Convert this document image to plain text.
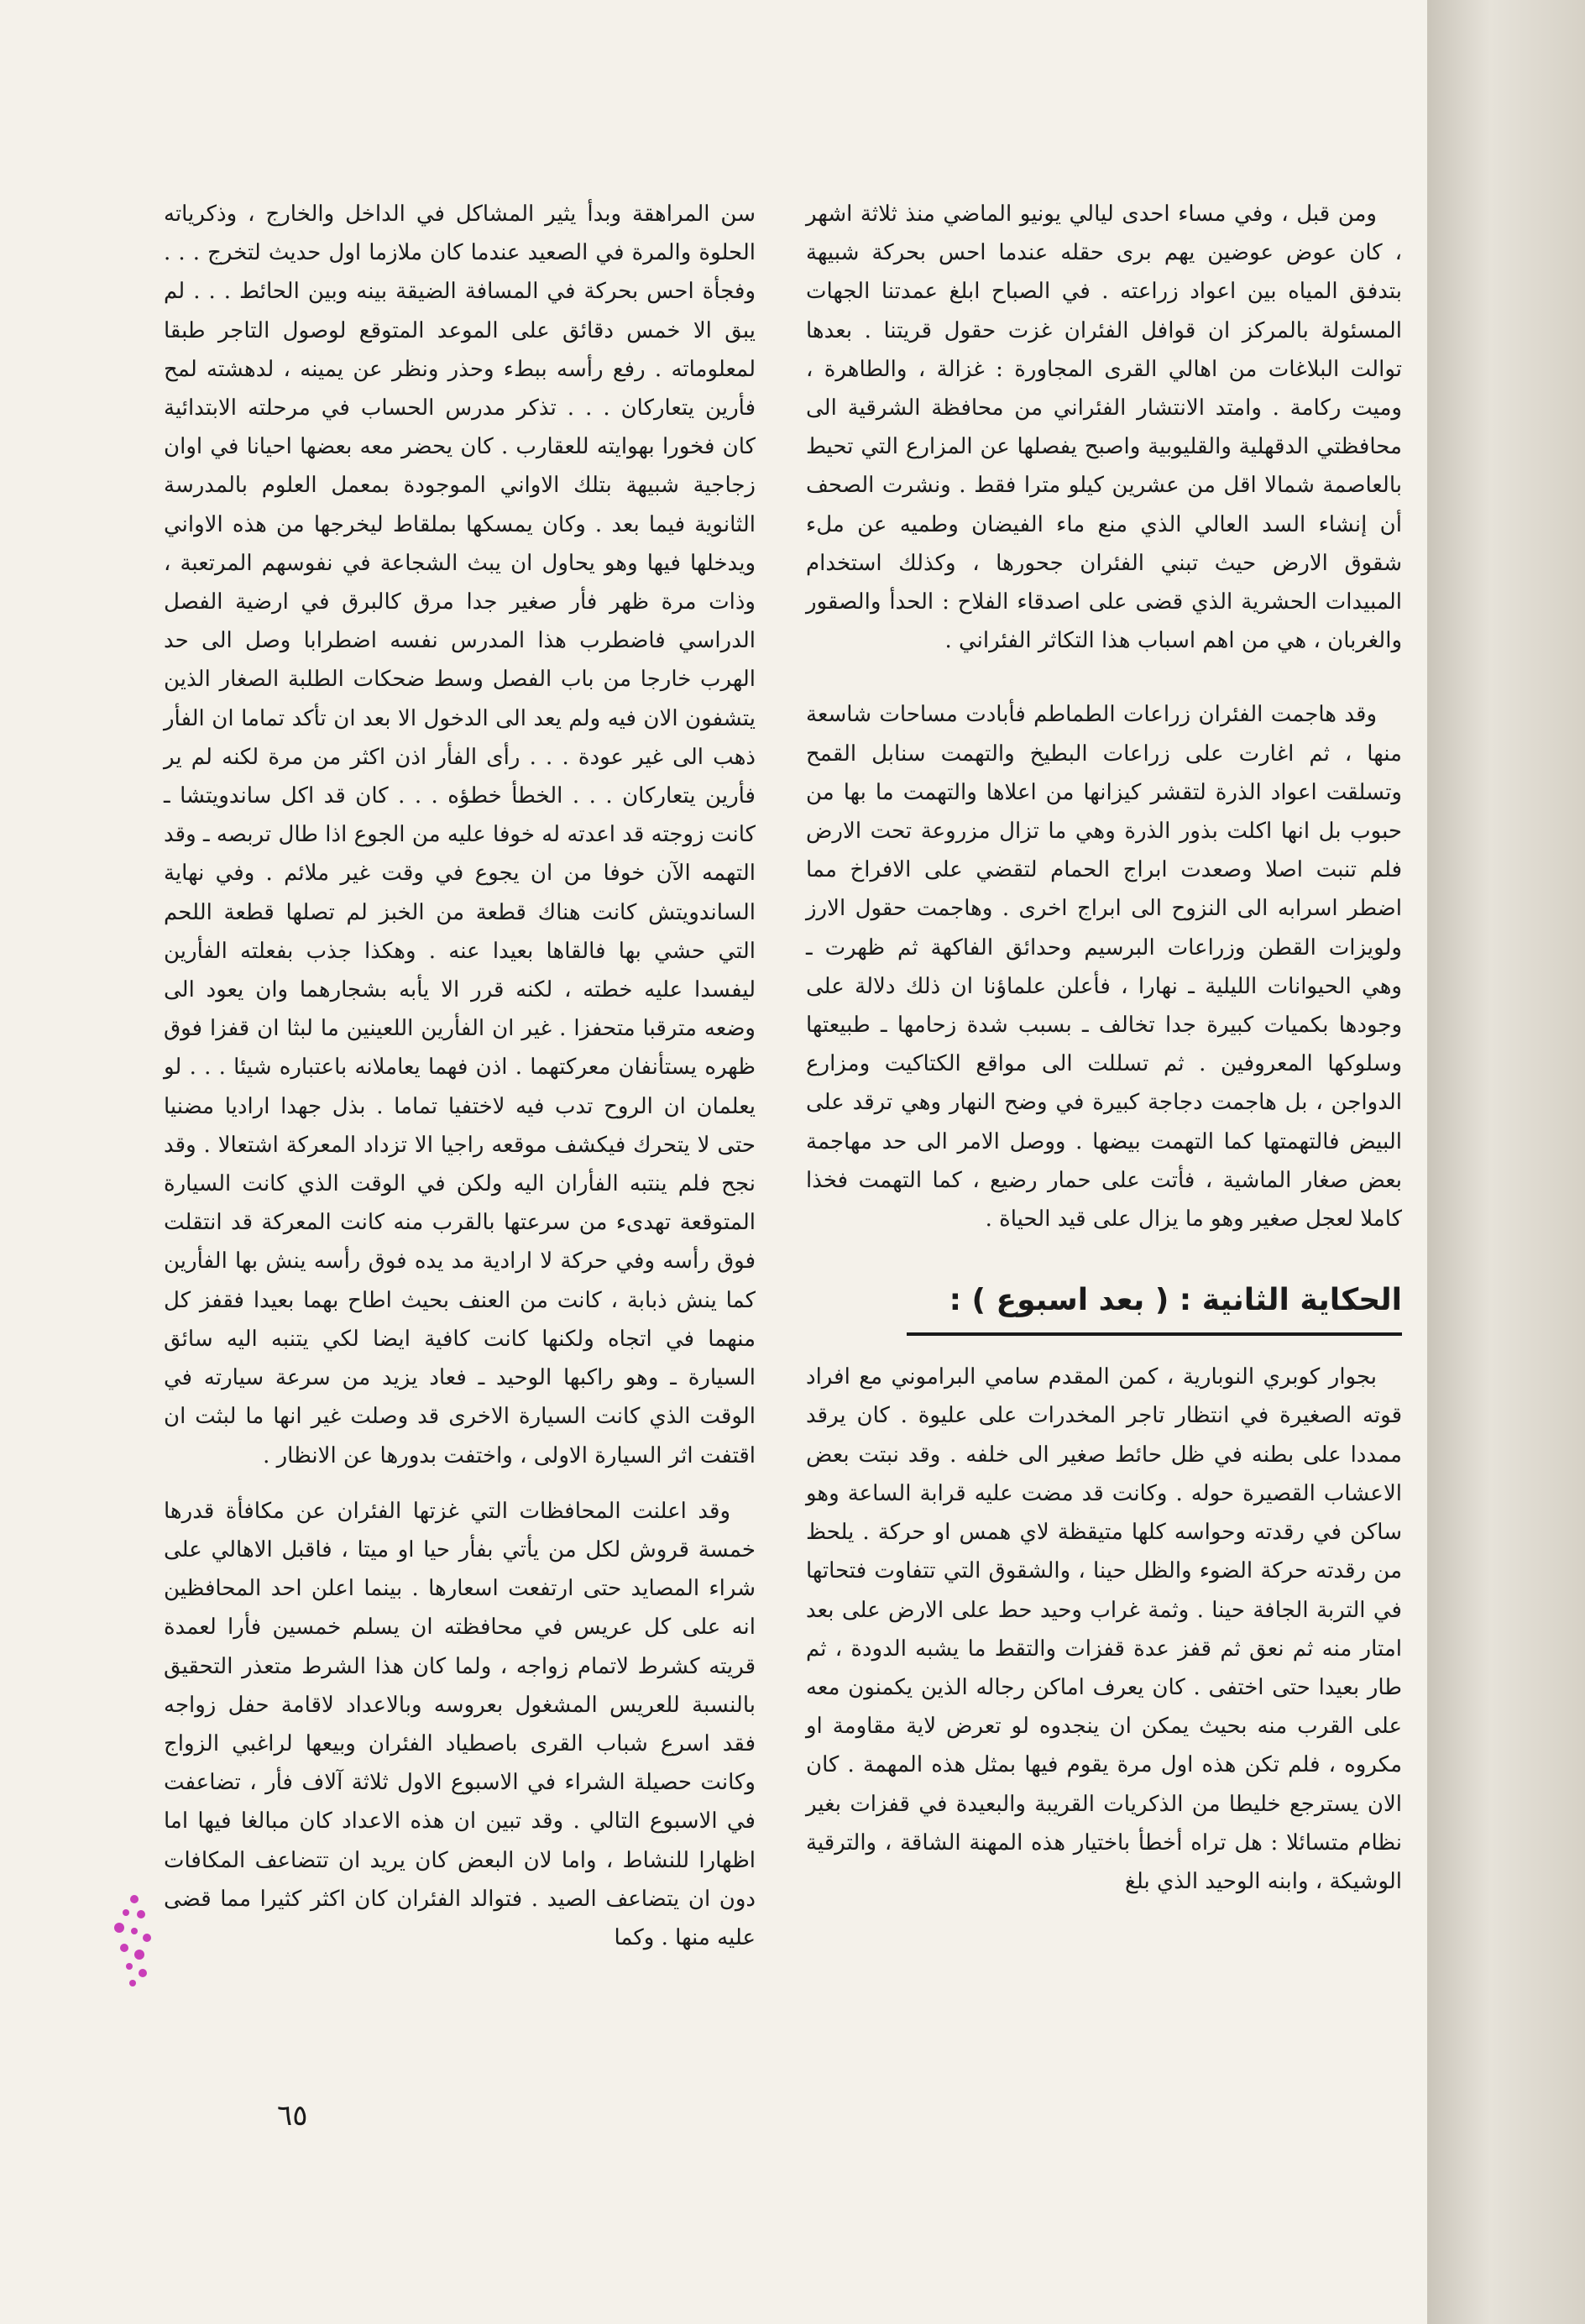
ومن قبل ، وفي مساء احدى ليالي يونيو الماضي منذ ثلاثة اشهر ، كان عوض عوضين يهم برى حقله عندما احس بحركة شبيهة بتدفق المياه بين اعواد زراعته . في الصباح ابلغ عمدتنا الجهات المسئولة بالمركز ان قوافل الفئران غزت حقول قريتنا . بعدها توالت البلاغات من اهالي القرى المجاورة : غزالة ، والطاهرة ، وميت ركامة . وامتد الانتشار الفئراني من محافظة الشرقية الى محافظتي الدقهلية والقليوبية واصبح يفصلها عن المزارع التي تحيط بالعاصمة شمالا اقل من عشرين كيلو مترا فقط . ونشرت الصحف أن إنشاء السد العالي الذي منع ماء الفيضان وطميه عن ملء شقوق الارض حيث تبني الفئران جحورها ، وكذلك استخدام المبيدات الحشرية الذي قضى على اصدقاء الفلاح : الحدأ والصقور والغربان ، هي من اهم اسباب هذا التكاثر الفئراني .

وقد هاجمت الفئران زراعات الطماطم فأبادت مساحات شاسعة منها ، ثم اغارت على زراعات البطيخ والتهمت سنابل القمح وتسلقت اعواد الذرة لتقشر كيزانها من اعلاها والتهمت ما بها من حبوب بل انها اكلت بذور الذرة وهي ما تزال مزروعة تحت الارض فلم تنبت اصلا وصعدت ابراج الحمام لتقضي على الافراخ مما اضطر اسرابه الى النزوح الى ابراج اخرى . وهاجمت حقول الارز ولويزات القطن وزراعات البرسيم وحدائق الفاكهة ثم ظهرت ـ وهي الحيوانات الليلية ـ نهارا ، فأعلن علماؤنا ان ذلك دلالة على وجودها بكميات كبيرة جدا تخالف ـ بسبب شدة زحامها ـ طبيعتها وسلوكها المعروفين . ثم تسللت الى مواقع الكتاكيت ومزارع الدواجن ، بل هاجمت دجاجة كبيرة في وضح النهار وهي ترقد على البيض فالتهمتها كما التهمت بيضها . ووصل الامر الى حد مهاجمة بعض صغار الماشية ، فأتت على حمار رضيع ، كما التهمت فخذا كاملا لعجل صغير وهو ما يزال على قيد الحياة .

الحكاية الثانية : ( بعد اسبوع ) :

بجوار كوبري النوبارية ، كمن المقدم سامي البراموني مع افراد قوته الصغيرة في انتظار تاجر المخدرات على عليوة . كان يرقد ممددا على بطنه في ظل حائط صغير الى خلفه . وقد نبتت بعض الاعشاب القصيرة حوله . وكانت قد مضت عليه قرابة الساعة وهو ساكن في رقدته وحواسه كلها متيقظة لاي همس او حركة . يلحظ من رقدته حركة الضوء والظل حينا ، والشقوق التي تتفاوت فتحاتها في التربة الجافة حينا . وثمة غراب وحيد حط على الارض على بعد امتار منه ثم نعق ثم قفز عدة قفزات والتقط ما يشبه الدودة ، ثم طار بعيدا حتى اختفى . كان يعرف اماكن رجاله الذين يكمنون معه على القرب منه بحيث يمكن ان ينجدوه لو تعرض لاية مقاومة او مكروه ، فلم تكن هذه اول مرة يقوم فيها بمثل هذه المهمة . كان الان يسترجع خليطا من الذكريات القريبة والبعيدة في قفزات بغير نظام متسائلا : هل تراه أخطأ باختيار هذه المهنة الشاقة ، والترقية الوشيكة ، وابنه الوحيد الذي بلغ

سن المراهقة وبدأ يثير المشاكل في الداخل والخارج ، وذكرياته الحلوة والمرة في الصعيد عندما كان ملازما اول حديث لتخرج . . . وفجأة احس بحركة في المسافة الضيقة بينه وبين الحائط . . . لم يبق الا خمس دقائق على الموعد المتوقع لوصول التاجر طبقا لمعلوماته . رفع رأسه ببطء وحذر ونظر عن يمينه ، لدهشته لمح فأرين يتعاركان . . . تذكر مدرس الحساب في مرحلته الابتدائية كان فخورا بهوايته للعقارب . كان يحضر معه بعضها احيانا في اوان زجاجية شبيهة بتلك الاواني الموجودة بمعمل العلوم بالمدرسة الثانوية فيما بعد . وكان يمسكها بملقاط ليخرجها من هذه الاواني ويدخلها فيها وهو يحاول ان يبث الشجاعة في نفوسهم المرتعبة ، وذات مرة ظهر فأر صغير جدا مرق كالبرق في ارضية الفصل الدراسي فاضطرب هذا المدرس نفسه اضطرابا وصل الى حد الهرب خارجا من باب الفصل وسط ضحكات الطلبة الصغار الذين يتشفون الان فيه ولم يعد الى الدخول الا بعد ان تأكد تماما ان الفأر ذهب الى غير عودة . . . رأى الفأر اذن اكثر من مرة لكنه لم ير فأرين يتعاركان . . . الخطأ خطؤه . . . كان قد اكل ساندويتشا ـ كانت زوجته قد اعدته له خوفا عليه من الجوع اذا طال تربصه ـ وقد التهمه الآن خوفا من ان يجوع في وقت غير ملائم . وفي نهاية الساندويتش كانت هناك قطعة من الخبز لم تصلها قطعة اللحم التي حشي بها فالقاها بعيدا عنه . وهكذا جذب بفعلته الفأرين ليفسدا عليه خطته ، لكنه قرر الا يأبه بشجارهما وان يعود الى وضعه مترقبا متحفزا . غير ان الفأرين اللعينين ما لبثا ان قفزا فوق ظهره يستأنفان معركتهما . اذن فهما يعاملانه باعتباره شيئا . . . لو يعلمان ان الروح تدب فيه لاختفيا تماما . بذل جهدا اراديا مضنيا حتى لا يتحرك فيكشف موقعه راجيا الا تزداد المعركة اشتعالا . وقد نجح فلم ينتبه الفأران اليه ولكن في الوقت الذي كانت السيارة المتوقعة تهدىء من سرعتها بالقرب منه كانت المعركة قد انتقلت فوق رأسه وفي حركة لا ارادية مد يده فوق رأسه ينش بها الفأرين كما ينش ذبابة ، كانت من العنف بحيث اطاح بهما بعيدا فقفز كل منهما في اتجاه ولكنها كانت كافية ايضا لكي يتنبه اليه سائق السيارة ـ وهو راكبها الوحيد ـ فعاد يزيد من سرعة سيارته في الوقت الذي كانت السيارة الاخرى قد وصلت غير انها ما لبثت ان اقتفت اثر السيارة الاولى ، واختفت بدورها عن الانظار .

وقد اعلنت المحافظات التي غزتها الفئران عن مكافأة قدرها خمسة قروش لكل من يأتي بفأر حيا او ميتا ، فاقبل الاهالي على شراء المصايد حتى ارتفعت اسعارها . بينما اعلن احد المحافظين انه على كل عريس في محافظته ان يسلم خمسين فأرا لعمدة قريته كشرط لاتمام زواجه ، ولما كان هذا الشرط متعذر التحقيق بالنسبة للعريس المشغول بعروسه وبالاعداد لاقامة حفل زواجه فقد اسرع شباب القرى باصطياد الفئران وبيعها لراغبي الزواج وكانت حصيلة الشراء في الاسبوع الاول ثلاثة آلاف فأر ، تضاعفت في الاسبوع التالي . وقد تبين ان هذه الاعداد كان مبالغا فيها اما اظهارا للنشاط ، واما لان البعض كان يريد ان تتضاعف المكافات دون ان يتضاعف الصيد . فتوالد الفئران كان اكثر كثيرا مما قضى عليه منها . وكما

٦٥
